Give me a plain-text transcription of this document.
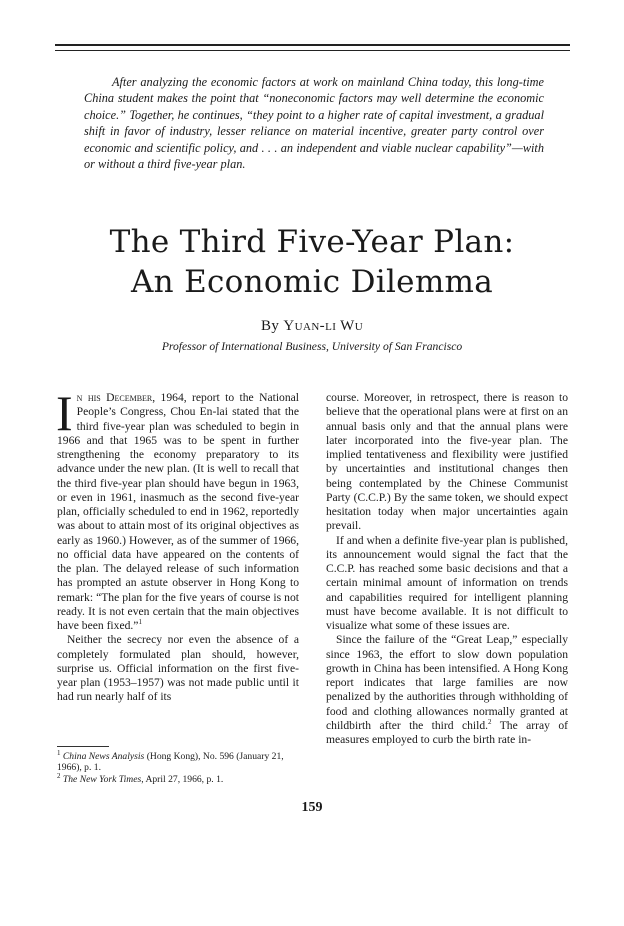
After analyzing the economic factors at work on mainland China today, this long-time China student makes the point that “noneconomic factors may well determine the economic choice.” Together, he continues, “they point to a higher rate of capital investment, a gradual shift in favor of industry, lesser reliance on material incentive, greater party control over economic and scientific policy, and . . . an independent and viable nuclear capability”—with or without a third five-year plan.

The Third Five-Year Plan:
An Economic Dilemma

By Yuan-li Wu

Professor of International Business, University of San Francisco

In his December, 1964, report to the National People’s Congress, Chou En-lai stated that the third five-year plan was scheduled to begin in 1966 and that 1965 was to be spent in further strengthening the economy preparatory to its advance under the new plan. (It is well to recall that the third five-year plan should have begun in 1963, or even in 1961, inasmuch as the second five-year plan, officially scheduled to end in 1962, reportedly was about to attain most of its original objectives as early as 1960.) However, as of the summer of 1966, no official data have appeared on the contents of the plan. The delayed release of such information has prompted an astute observer in Hong Kong to remark: “The plan for the five years of course is not ready. It is not even certain that the main objectives have been fixed.”$^1$

Neither the secrecy nor even the absence of a completely formulated plan should, however, surprise us. Official information on the first five-year plan (1953–1957) was not made public until it had run nearly half of its

course. Moreover, in retrospect, there is reason to believe that the operational plans were at first on an annual basis only and that the annual plans were later incorporated into the five-year plan. The implied tentativeness and flexibility were justified by uncertainties and institutional changes then being contemplated by the Chinese Communist Party (C.C.P.) By the same token, we should expect hesitation today when major uncertainties again prevail.

If and when a definite five-year plan is published, its announcement would signal the fact that the C.C.P. has reached some basic decisions and that a certain minimal amount of information on trends and capabilities required for intelligent planning must have become available. It is not difficult to visualize what some of these issues are.

Since the failure of the “Great Leap,” especially since 1963, the effort to slow down population growth in China has been intensified. A Hong Kong report indicates that large families are now penalized by the authorities through withholding of food and clothing allowances normally granted at childbirth after the third child.$^2$ The array of measures employed to curb the birth rate in-

$^1$ China News Analysis (Hong Kong), No. 596 (January 21, 1966), p. 1.

$^2$ The New York Times, April 27, 1966, p. 1.

159
